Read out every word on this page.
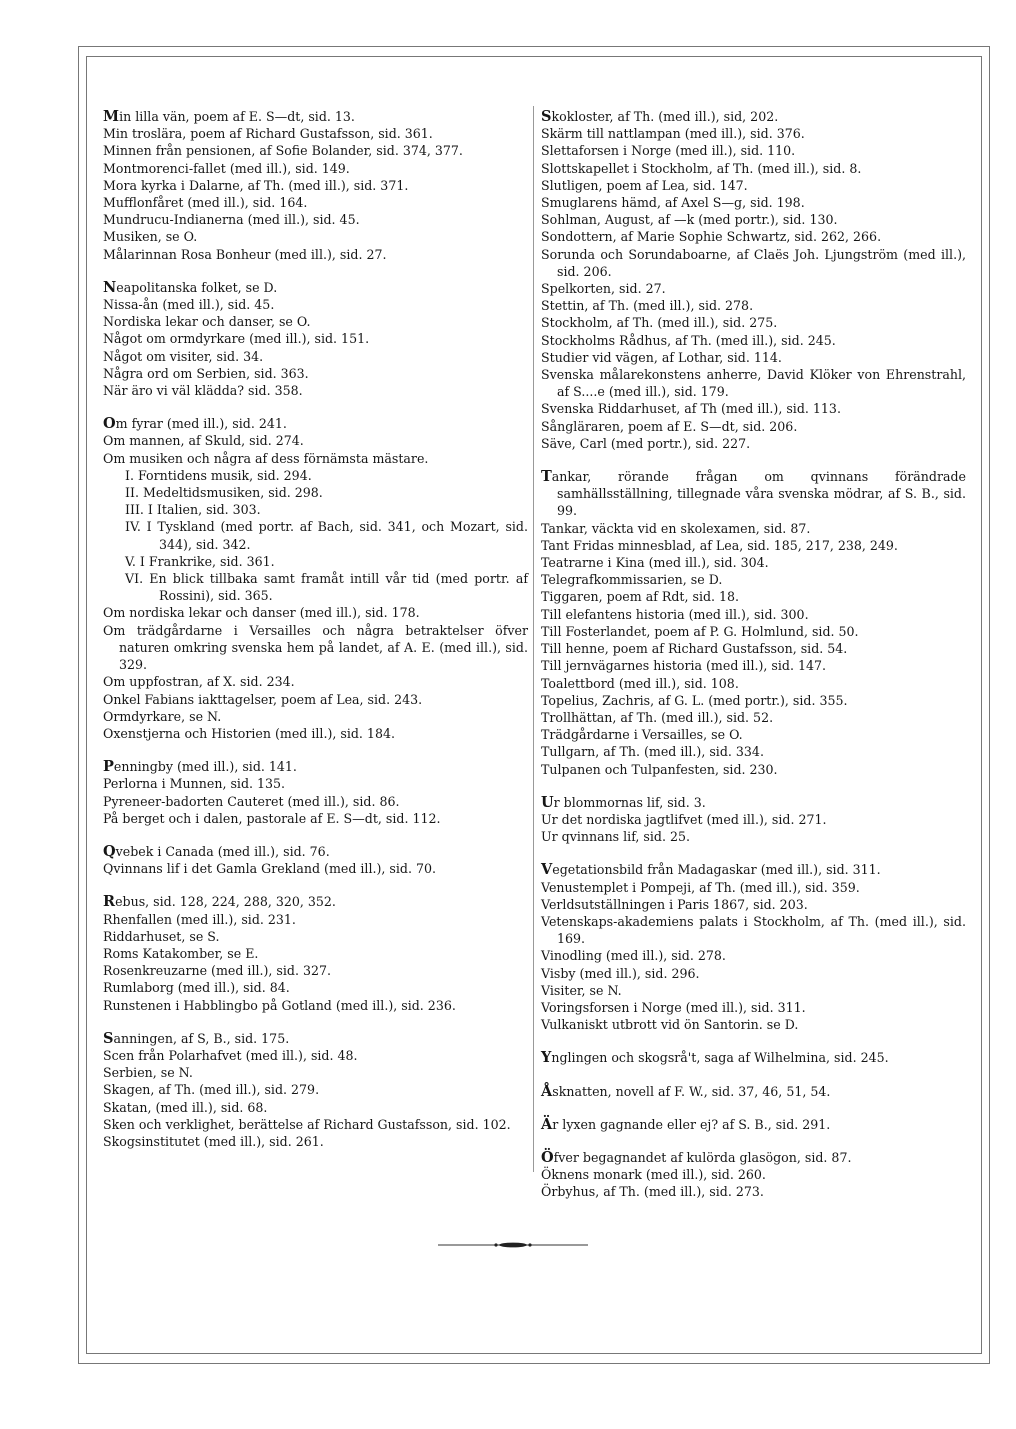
Min lilla vän, poem af E. S—dt, sid. 13.
Min troslära, poem af Richard Gustafsson, sid. 361.
Minnen från pensionen, af Sofie Bolander, sid. 374, 377.
Montmorenci-fallet (med ill.), sid. 149.
Mora kyrka i Dalarne, af Th. (med ill.), sid. 371.
Mufflonfåret (med ill.), sid. 164.
Mundrucu-Indianerna (med ill.), sid. 45.
Musiken, se O.
Målarinnan Rosa Bonheur (med ill.), sid. 27.
Neapolitanska folket, se D.
Nissa-ån (med ill.), sid. 45.
Nordiska lekar och danser, se O.
Något om ormdyrkare (med ill.), sid. 151.
Något om visiter, sid. 34.
Några ord om Serbien, sid. 363.
När äro vi väl klädda? sid. 358.
Om fyrar (med ill.), sid. 241.
Om mannen, af Skuld, sid. 274.
Om musiken och några af dess förnämsta mästare.
I. Forntidens musik, sid. 294.
II. Medeltidsmusiken, sid. 298.
III. I Italien, sid. 303.
IV. I Tyskland (med portr. af Bach, sid. 341, och Mozart, sid. 344), sid. 342.
V. I Frankrike, sid. 361.
VI. En blick tillbaka samt framåt intill vår tid (med portr. af Rossini), sid. 365.
Om nordiska lekar och danser (med ill.), sid. 178.
Om trädgårdarne i Versailles och några betraktelser öfver naturen omkring svenska hem på landet, af A. E. (med ill.), sid. 329.
Om uppfostran, af X. sid. 234.
Onkel Fabians iakttagelser, poem af Lea, sid. 243.
Ormdyrkare, se N.
Oxenstjerna och Historien (med ill.), sid. 184.
Penningby (med ill.), sid. 141.
Perlorna i Munnen, sid. 135.
Pyreneer-badorten Cauteret (med ill.), sid. 86.
På berget och i dalen, pastorale af E. S—dt, sid. 112.
Qvebek i Canada (med ill.), sid. 76.
Qvinnans lif i det Gamla Grekland (med ill.), sid. 70.
Rebus, sid. 128, 224, 288, 320, 352.
Rhenfallen (med ill.), sid. 231.
Riddarhuset, se S.
Roms Katakomber, se E.
Rosenkreuzarne (med ill.), sid. 327.
Rumlaborg (med ill.), sid. 84.
Runstenen i Habblingbo på Gotland (med ill.), sid. 236.
Sanningen, af S, B., sid. 175.
Scen från Polarhafvet (med ill.), sid. 48.
Serbien, se N.
Skagen, af Th. (med ill.), sid. 279.
Skatan, (med ill.), sid. 68.
Sken och verklighet, berättelse af Richard Gustafsson, sid. 102.
Skogsinstitutet (med ill.), sid. 261.
Skokloster, af Th. (med ill.), sid, 202.
Skärm till nattlampan (med ill.), sid. 376.
Slettaforsen i Norge (med ill.), sid. 110.
Slottskapellet i Stockholm, af Th. (med ill.), sid. 8.
Slutligen, poem af Lea, sid. 147.
Smuglarens hämd, af Axel S—g, sid. 198.
Sohlman, August, af —k (med portr.), sid. 130.
Sondottern, af Marie Sophie Schwartz, sid. 262, 266.
Sorunda och Sorundaboarne, af Claës Joh. Ljungström (med ill.), sid. 206.
Spelkorten, sid. 27.
Stettin, af Th. (med ill.), sid. 278.
Stockholm, af Th. (med ill.), sid. 275.
Stockholms Rådhus, af Th. (med ill.), sid. 245.
Studier vid vägen, af Lothar, sid. 114.
Svenska målarekonstens anherre, David Klöker von Ehrenstrahl, af S....e (med ill.), sid. 179.
Svenska Riddarhuset, af Th (med ill.), sid. 113.
Sångläraren, poem af E. S—dt, sid. 206.
Säve, Carl (med portr.), sid. 227.
Tankar, rörande frågan om qvinnans förändrade samhällsställning, tillegnade våra svenska mödrar, af S. B., sid. 99.
Tankar, väckta vid en skolexamen, sid. 87.
Tant Fridas minnesblad, af Lea, sid. 185, 217, 238, 249.
Teatrarne i Kina (med ill.), sid. 304.
Telegrafkommissarien, se D.
Tiggaren, poem af Rdt, sid. 18.
Till elefantens historia (med ill.), sid. 300.
Till Fosterlandet, poem af P. G. Holmlund, sid. 50.
Till henne, poem af Richard Gustafsson, sid. 54.
Till jernvägarnes historia (med ill.), sid. 147.
Toalettbord (med ill.), sid. 108.
Topelius, Zachris, af G. L. (med portr.), sid. 355.
Trollhättan, af Th. (med ill.), sid. 52.
Trädgårdarne i Versailles, se O.
Tullgarn, af Th. (med ill.), sid. 334.
Tulpanen och Tulpanfesten, sid. 230.
Ur blommornas lif, sid. 3.
Ur det nordiska jagtlifvet (med ill.), sid. 271.
Ur qvinnans lif, sid. 25.
Vegetationsbild från Madagaskar (med ill.), sid. 311.
Venustemplet i Pompeji, af Th. (med ill.), sid. 359.
Verldsutställningen i Paris 1867, sid. 203.
Vetenskaps-akademiens palats i Stockholm, af Th. (med ill.), sid. 169.
Vinodling (med ill.), sid. 278.
Visby (med ill.), sid. 296.
Visiter, se N.
Voringsforsen i Norge (med ill.), sid. 311.
Vulkaniskt utbrott vid ön Santorin. se D.
Ynglingen och skogsrå't, saga af Wilhelmina, sid. 245.
Åsknatten, novell af F. W., sid. 37, 46, 51, 54.
Är lyxen gagnande eller ej? af S. B., sid. 291.
Öfver begagnandet af kulörda glasögon, sid. 87.
Öknens monark (med ill.), sid. 260.
Örbyhus, af Th. (med ill.), sid. 273.
